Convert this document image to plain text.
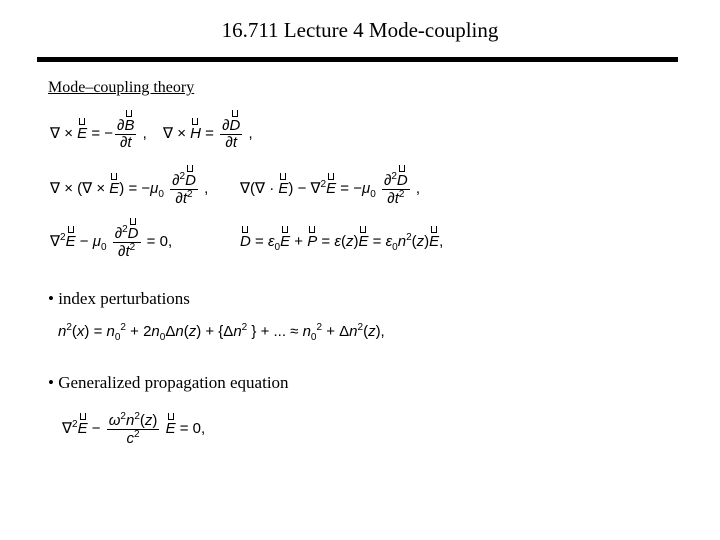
16.711 Lecture 4 Mode-coupling
Mode–coupling theory
∇ × E = − $\frac{\partial B}{\partial t}$ , ∇ × $H = \frac{\partial D}{\partial t}$ ,
∇ × (∇ × $E) = -\mu_0 \frac{\partial^2D}{\partial t^2}$ , ∇(∇ · $E) - \nabla^2E = -\mu_0 \frac{\partial^2D}{\partial t^2}$ ,
$\nabla^2E - \mu_0 \frac{\partial^2D}{\partial t^2} = 0$,	$D = \varepsilon_0E + P = \varepsilon(z)E = \varepsilon_0n^2(z)E$,
• index perturbations
$n^2(x) = n_0^2 + 2n_0\Delta n(z) + \{\Delta n^2$ } + ... ≈ $n_0^2 + \Delta n^2(z)$,
• Generalized propagation equation
$\nabla^2E - \frac{\omega^2n^2(z)}{c^2}$ E = 0,
